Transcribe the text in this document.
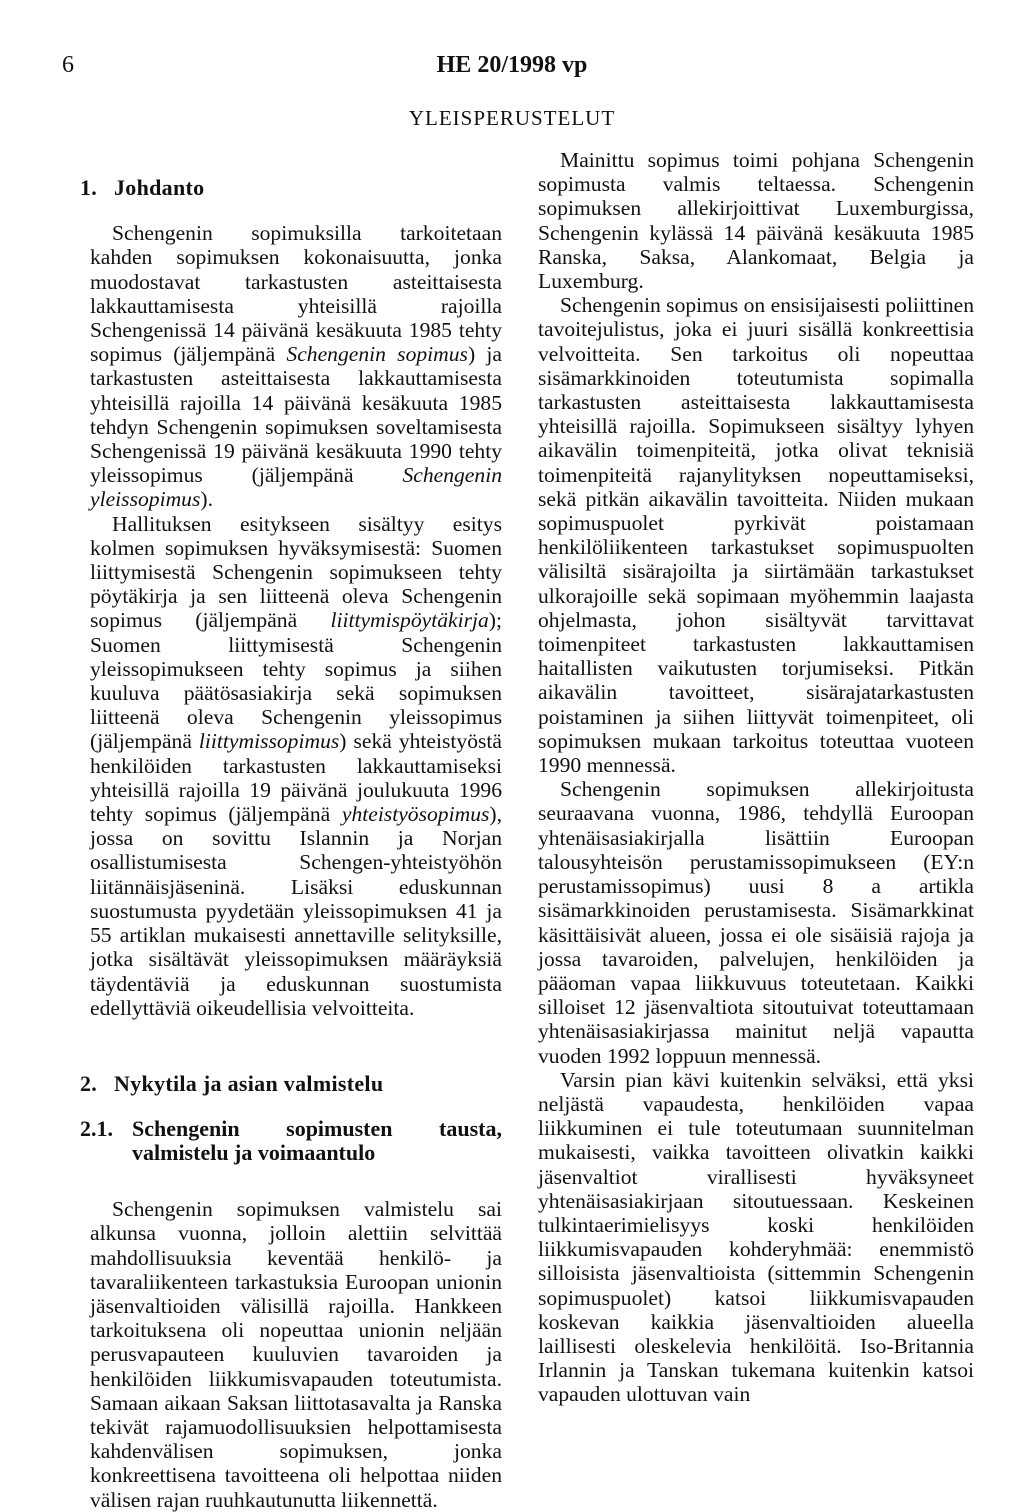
6	HE 20/1998 vp
YLEISPERUSTELUT
1. Johdanto

Schengenin sopimuksilla tarkoitetaan kahden sopimuksen kokonaisuutta, jonka muodostavat tarkastusten asteittaisesta lakkauttamisesta yhteisillä rajoilla Schengenissä 14 päivänä kesäkuuta 1985 tehty sopimus (jäljempänä Schengenin sopimus) ja tarkastusten asteittaisesta lakkauttamisesta yhteisillä rajoilla 14 päivänä kesäkuuta 1985 tehdyn Schengenin sopimuksen soveltamisesta Schengenissä 19 päivänä kesäkuuta 1990 tehty yleissopimus (jäljempänä Schengenin yleissopimus).

Hallituksen esitykseen sisältyy esitys kolmen sopimuksen hyväksymisestä: Suomen liittymisestä Schengenin sopimukseen tehty pöytäkirja ja sen liitteenä oleva Schengenin sopimus (jäljempänä liittymispöytäkirja); Suomen liittymisestä Schengenin yleissopimukseen tehty sopimus ja siihen kuuluva päätösasiakirja sekä sopimuksen liitteenä oleva Schengenin yleissopimus (jäljempänä liittymissopimus) sekä yhteistyöstä henkilöiden tarkastusten lakkauttamiseksi yhteisillä rajoilla 19 päivänä joulukuuta 1996 tehty sopimus (jäljempänä yhteistyösopimus), jossa on sovittu Islannin ja Norjan osallistumisesta Schengen-yhteistyöhön liitännäisjäseninä. Lisäksi eduskunnan suostumusta pyydetään yleissopimuksen 41 ja 55 artiklan mukaisesti annettaville selityksille, jotka sisältävät yleissopimuksen määräyksiä täydentäviä ja eduskunnan suostumista edellyttäviä oikeudellisia velvoitteita.

2. Nykytila ja asian valmistelu
2.1. Schengenin sopimusten tausta, valmistelu ja voimaantulo

Schengenin sopimuksen valmistelu sai alkunsa vuonna, jolloin alettiin selvittää mahdollisuuksia keventää henkilö- ja tavaraliikenteen tarkastuksia Euroopan unionin jäsenvaltioiden välisillä rajoilla. Hankkeen tarkoituksena oli nopeuttaa unionin neljään perusvapauteen kuuluvien tavaroiden ja henkilöiden liikkumisvapauden toteutumista. Samaan aikaan Saksan liittotasavalta ja Ranska tekivät rajamuodollisuuksien helpottamisesta kahdenvälisen sopimuksen, jonka konkreettisena tavoitteena oli helpottaa niiden välisen rajan ruuhkautunutta liikennettä.

Mainittu sopimus toimi pohjana Schengenin sopimusta valmis teltaessa. Schengenin sopimuksen allekirjoittivat Luxemburgissa, Schengenin kylässä 14 päivänä kesäkuuta 1985 Ranska, Saksa, Alankomaat, Belgia ja Luxemburg.

Schengenin sopimus on ensisijaisesti poliittinen tavoitejulistus, joka ei juuri sisällä konkreettisia velvoitteita. Sen tarkoitus oli nopeuttaa sisämarkkinoiden toteutumista sopimalla tarkastusten asteittaisesta lakkauttamisesta yhteisillä rajoilla. Sopimukseen sisältyy lyhyen aikavälin toimenpiteitä, jotka olivat teknisiä toimenpiteitä rajanylityksen nopeuttamiseksi, sekä pitkän aikavälin tavoitteita. Niiden mukaan sopimuspuolet pyrkivät poistamaan henkilöliikenteen tarkastukset sopimuspuolten välisiltä sisärajoilta ja siirtämään tarkastukset ulkorajoille sekä sopimaan myöhemmin laajasta ohjelmasta, johon sisältyvät tarvittavat toimenpiteet tarkastusten lakkauttamisen haitallisten vaikutusten torjumiseksi. Pitkän aikavälin tavoitteet, sisärajatarkastusten poistaminen ja siihen liittyvät toimenpiteet, oli sopimuksen mukaan tarkoitus toteuttaa vuoteen 1990 mennessä.

Schengenin sopimuksen allekirjoitusta seuraavana vuonna, 1986, tehdyllä Euroopan yhtenäisasiakirjalla lisättiin Euroopan talousyhteisön perustamissopimukseen (EY:n perustamissopimus) uusi 8 a artikla sisämarkkinoiden perustamisesta. Sisämarkkinat käsittäisivät alueen, jossa ei ole sisäisiä rajoja ja jossa tavaroiden, palvelujen, henkilöiden ja pääoman vapaa liikkuvuus toteutetaan. Kaikki silloiset 12 jäsenvaltiota sitoutuivat toteuttamaan yhtenäisasiakirjassa mainitut neljä vapautta vuoden 1992 loppuun mennessä.

Varsin pian kävi kuitenkin selväksi, että yksi neljästä vapaudesta, henkilöiden vapaa liikkuminen ei tule toteutumaan suunnitelman mukaisesti, vaikka tavoitteen olivatkin kaikki jäsenvaltiot virallisesti hyväksyneet yhtenäisasiakirjaan sitoutuessaan. Keskeinen tulkintaerimielisyys koski henkilöiden liikkumisvapauden kohderyhmää: enemmistö silloisista jäsenvaltioista (sittemmin Schengenin sopimuspuolet) katsoi liikkumisvapauden koskevan kaikkia jäsenvaltioiden alueella laillisesti oleskelevia henkilöitä. Iso-Britannia Irlannin ja Tanskan tukemana kuitenkin katsoi vapauden ulottuvan vain
